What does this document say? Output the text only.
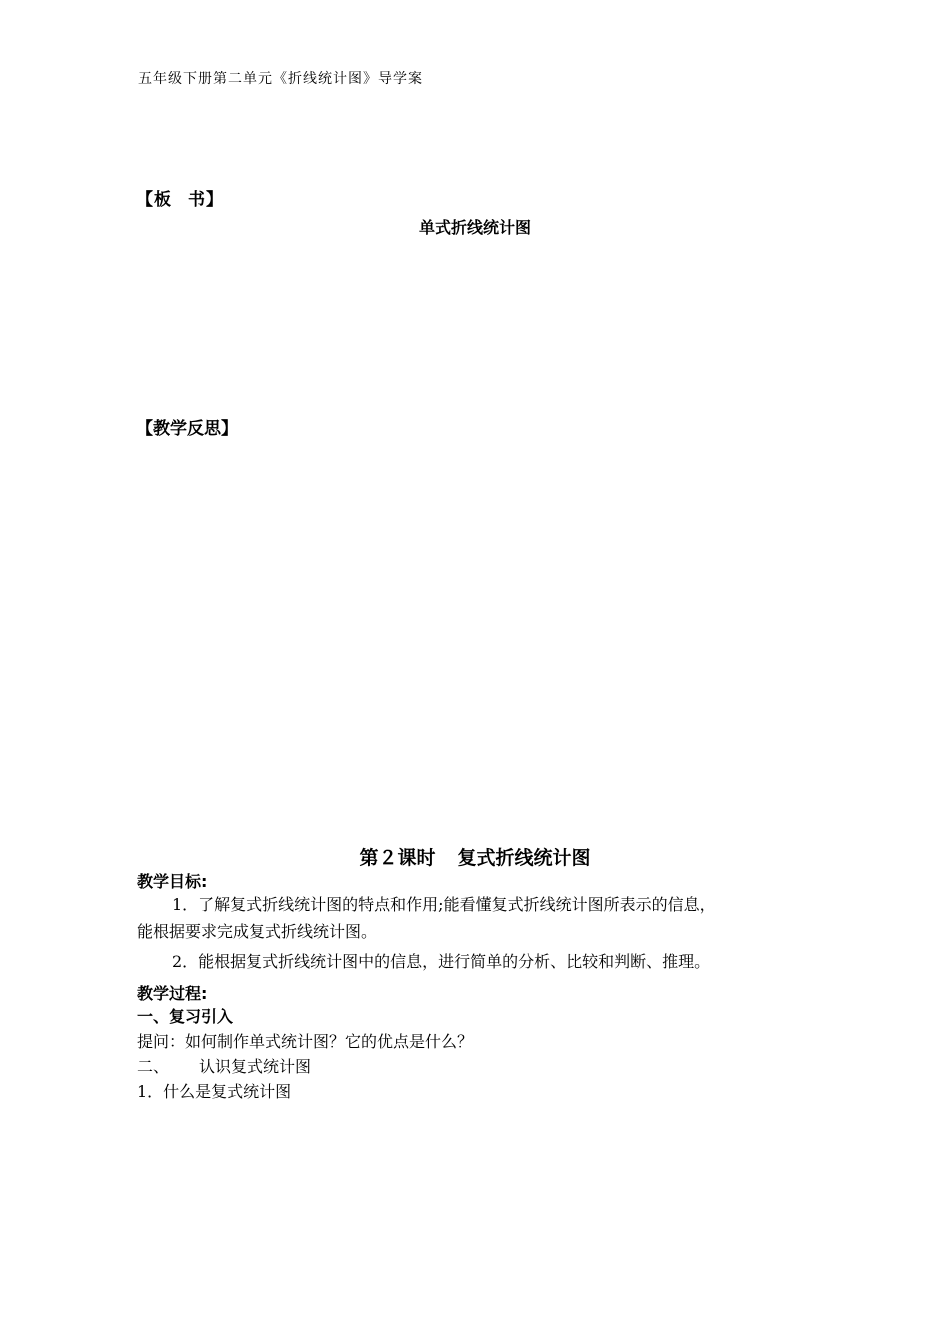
五年级下册第二单元《折线统计图》导学案
【板 书】
单式折线统计图
【教学反思】
第２课时 复式折线统计图
教学目标:
1．了解复式折线统计图的特点和作用;能看懂复式折线统计图所表示的信息，
能根据要求完成复式折线统计图。
2．能根据复式折线统计图中的信息，进行简单的分析、比较和判断、推理。
教学过程:
一、复习引入
提问：如何制作单式统计图？它的优点是什么？
二、 认识复式统计图
1．什么是复式统计图
